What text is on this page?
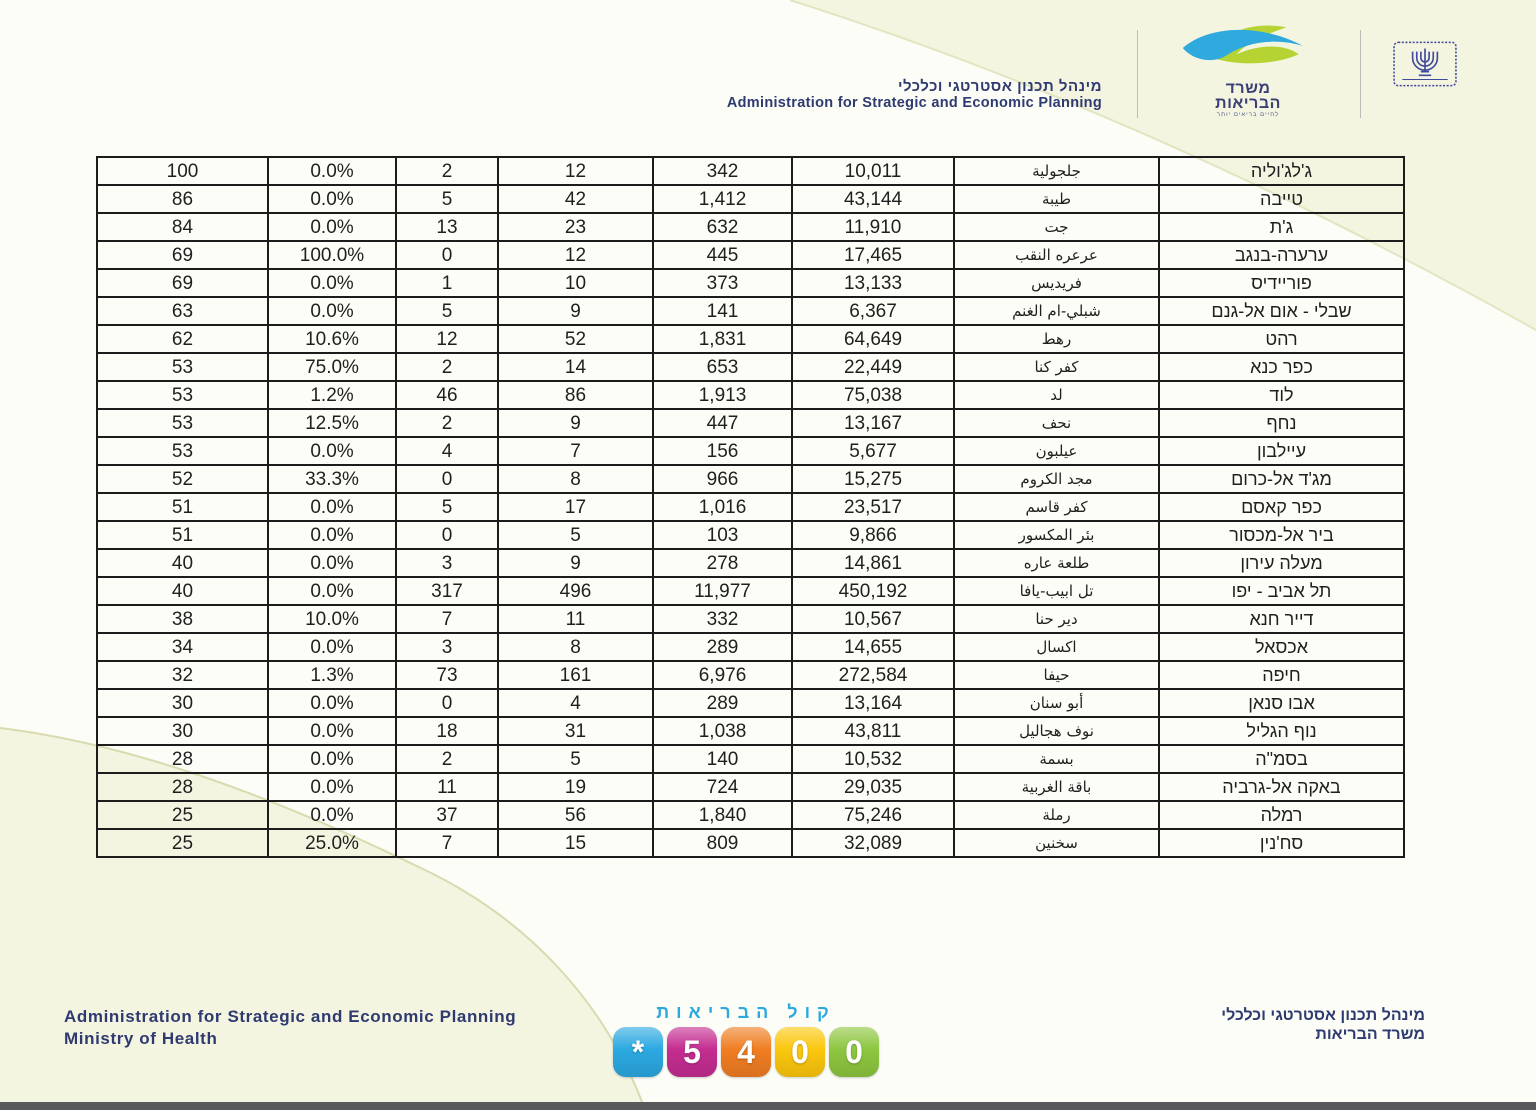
מינהל תכנון אסטרטגי וכלכלי
Administration for Strategic and Economic Planning
משרד
הבריאות
לחיים בריאים יותר
100	0.0%	2	12	342	10,011	جلجولية	ג'לג'וליה
86	0.0%	5	42	1,412	43,144	طيبة	טייבה
84	0.0%	13	23	632	11,910	جت	ג'ת
69	100.0%	0	12	445	17,465	عرعره النقب	ערערה-בנגב
69	0.0%	1	10	373	13,133	فريديس	פוריידיס
63	0.0%	5	9	141	6,367	شبلي-ام الغنم	שבלי - אום אל-גנם
62	10.6%	12	52	1,831	64,649	رهط	רהט
53	75.0%	2	14	653	22,449	كفر كنا	כפר כנא
53	1.2%	46	86	1,913	75,038	لد	לוד
53	12.5%	2	9	447	13,167	نحف	נחף
53	0.0%	4	7	156	5,677	عيلبون	עיילבון
52	33.3%	0	8	966	15,275	مجد الكروم	מג'ד אל-כרום
51	0.0%	5	17	1,016	23,517	كفر قاسم	כפר קאסם
51	0.0%	0	5	103	9,866	بئر المكسور	ביר אל-מכסור
40	0.0%	3	9	278	14,861	طلعة عاره	מעלה עירון
40	0.0%	317	496	11,977	450,192	تل ابيب-يافا	תל אביב - יפו
38	10.0%	7	11	332	10,567	دير حنا	דייר חנא
34	0.0%	3	8	289	14,655	اكسال	אכסאל
32	1.3%	73	161	6,976	272,584	حيفا	חיפה
30	0.0%	0	4	289	13,164	أبو سنان	אבו סנאן
30	0.0%	18	31	1,038	43,811	نوف هجاليل	נוף הגליל
28	0.0%	2	5	140	10,532	بسمة	בסמ"ה
28	0.0%	11	19	724	29,035	باقة الغربية	באקה אל-גרביה
25	0.0%	37	56	1,840	75,246	رملة	רמלה
25	25.0%	7	15	809	32,089	سخنين	סח'נין
Administration for Strategic and Economic Planning
Ministry of Health
קול הבריאות
*	5	4	0	0
מינהל תכנון אסטרטגי וכלכלי
משרד הבריאות
